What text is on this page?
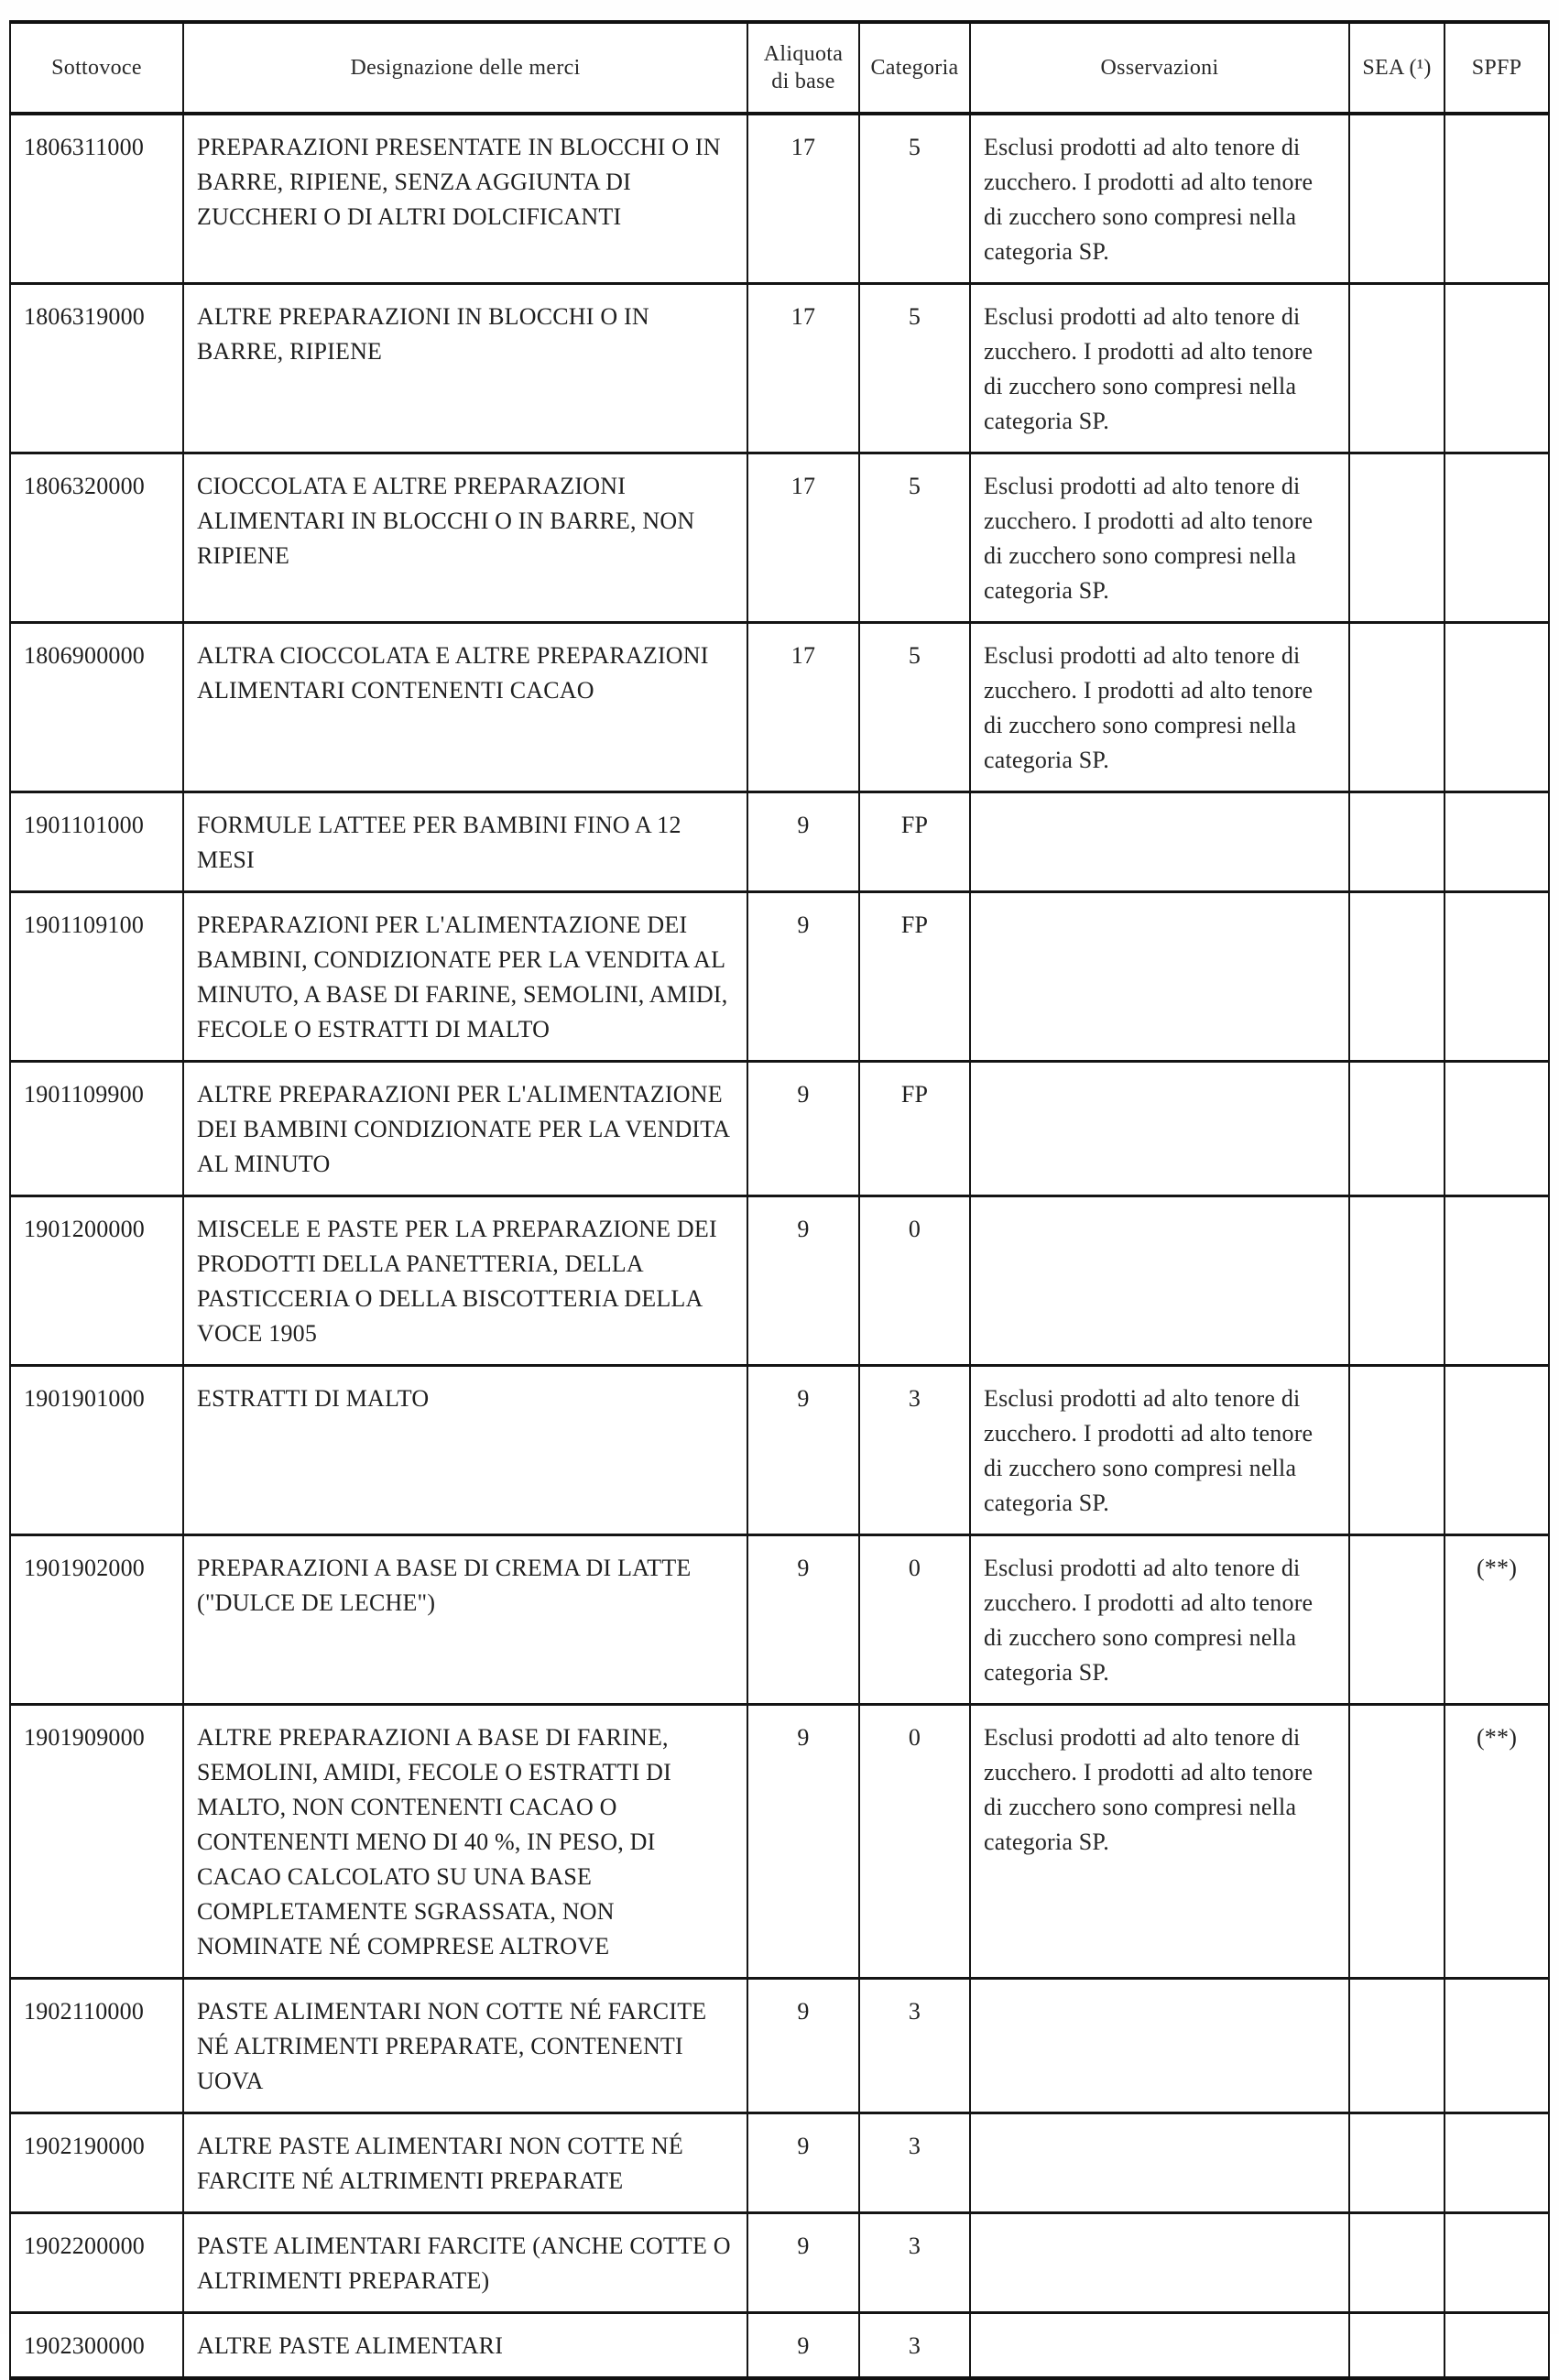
Sottovoce	Designazione delle merci	Aliquota di base	Categoria	Osservazioni	SEA (¹)	SPFP
1806311000	PREPARAZIONI PRESENTATE IN BLOCCHI O IN BARRE, RIPIENE, SENZA AGGIUNTA DI ZUCCHERI O DI ALTRI DOLCIFICANTI	17	5	Esclusi prodotti ad alto tenore di zucchero. I prodotti ad alto tenore di zucchero sono compresi nella categoria SP.		
1806319000	ALTRE PREPARAZIONI IN BLOCCHI O IN BARRE, RIPIENE	17	5	Esclusi prodotti ad alto tenore di zucchero. I prodotti ad alto tenore di zucchero sono compresi nella categoria SP.		
1806320000	CIOCCOLATA E ALTRE PREPARAZIONI ALIMENTARI IN BLOCCHI O IN BARRE, NON RIPIENE	17	5	Esclusi prodotti ad alto tenore di zucchero. I prodotti ad alto tenore di zucchero sono compresi nella categoria SP.		
1806900000	ALTRA CIOCCOLATA E ALTRE PREPARAZIONI ALIMENTARI CONTENENTI CACAO	17	5	Esclusi prodotti ad alto tenore di zucchero. I prodotti ad alto tenore di zucchero sono compresi nella categoria SP.		
1901101000	FORMULE LATTEE PER BAMBINI FINO A 12 MESI	9	FP			
1901109100	PREPARAZIONI PER L'ALIMENTAZIONE DEI BAMBINI, CONDIZIONATE PER LA VENDITA AL MINUTO, A BASE DI FARINE, SEMOLINI, AMIDI, FECOLE O ESTRATTI DI MALTO	9	FP			
1901109900	ALTRE PREPARAZIONI PER L'ALIMENTAZIONE DEI BAMBINI CONDIZIONATE PER LA VENDITA AL MINUTO	9	FP			
1901200000	MISCELE E PASTE PER LA PREPARAZIONE DEI PRODOTTI DELLA PANETTERIA, DELLA PASTICCERIA O DELLA BISCOTTERIA DELLA VOCE 1905	9	0			
1901901000	ESTRATTI DI MALTO	9	3	Esclusi prodotti ad alto tenore di zucchero. I prodotti ad alto tenore di zucchero sono compresi nella categoria SP.		
1901902000	PREPARAZIONI A BASE DI CREMA DI LATTE ("DULCE DE LECHE")	9	0	Esclusi prodotti ad alto tenore di zucchero. I prodotti ad alto tenore di zucchero sono compresi nella categoria SP.		(**)
1901909000	ALTRE PREPARAZIONI A BASE DI FARINE, SEMOLINI, AMIDI, FECOLE O ESTRATTI DI MALTO, NON CONTENENTI CACAO O CONTENENTI MENO DI 40 %, IN PESO, DI CACAO CALCOLATO SU UNA BASE COMPLETAMENTE SGRASSATA, NON NOMINATE NÉ COMPRESE ALTROVE	9	0	Esclusi prodotti ad alto tenore di zucchero. I prodotti ad alto tenore di zucchero sono compresi nella categoria SP.		(**)
1902110000	PASTE ALIMENTARI NON COTTE NÉ FARCITE NÉ ALTRIMENTI PREPARATE, CONTENENTI UOVA	9	3			
1902190000	ALTRE PASTE ALIMENTARI NON COTTE NÉ FARCITE NÉ ALTRIMENTI PREPARATE	9	3			
1902200000	PASTE ALIMENTARI FARCITE (ANCHE COTTE O ALTRIMENTI PREPARATE)	9	3			
1902300000	ALTRE PASTE ALIMENTARI	9	3			
